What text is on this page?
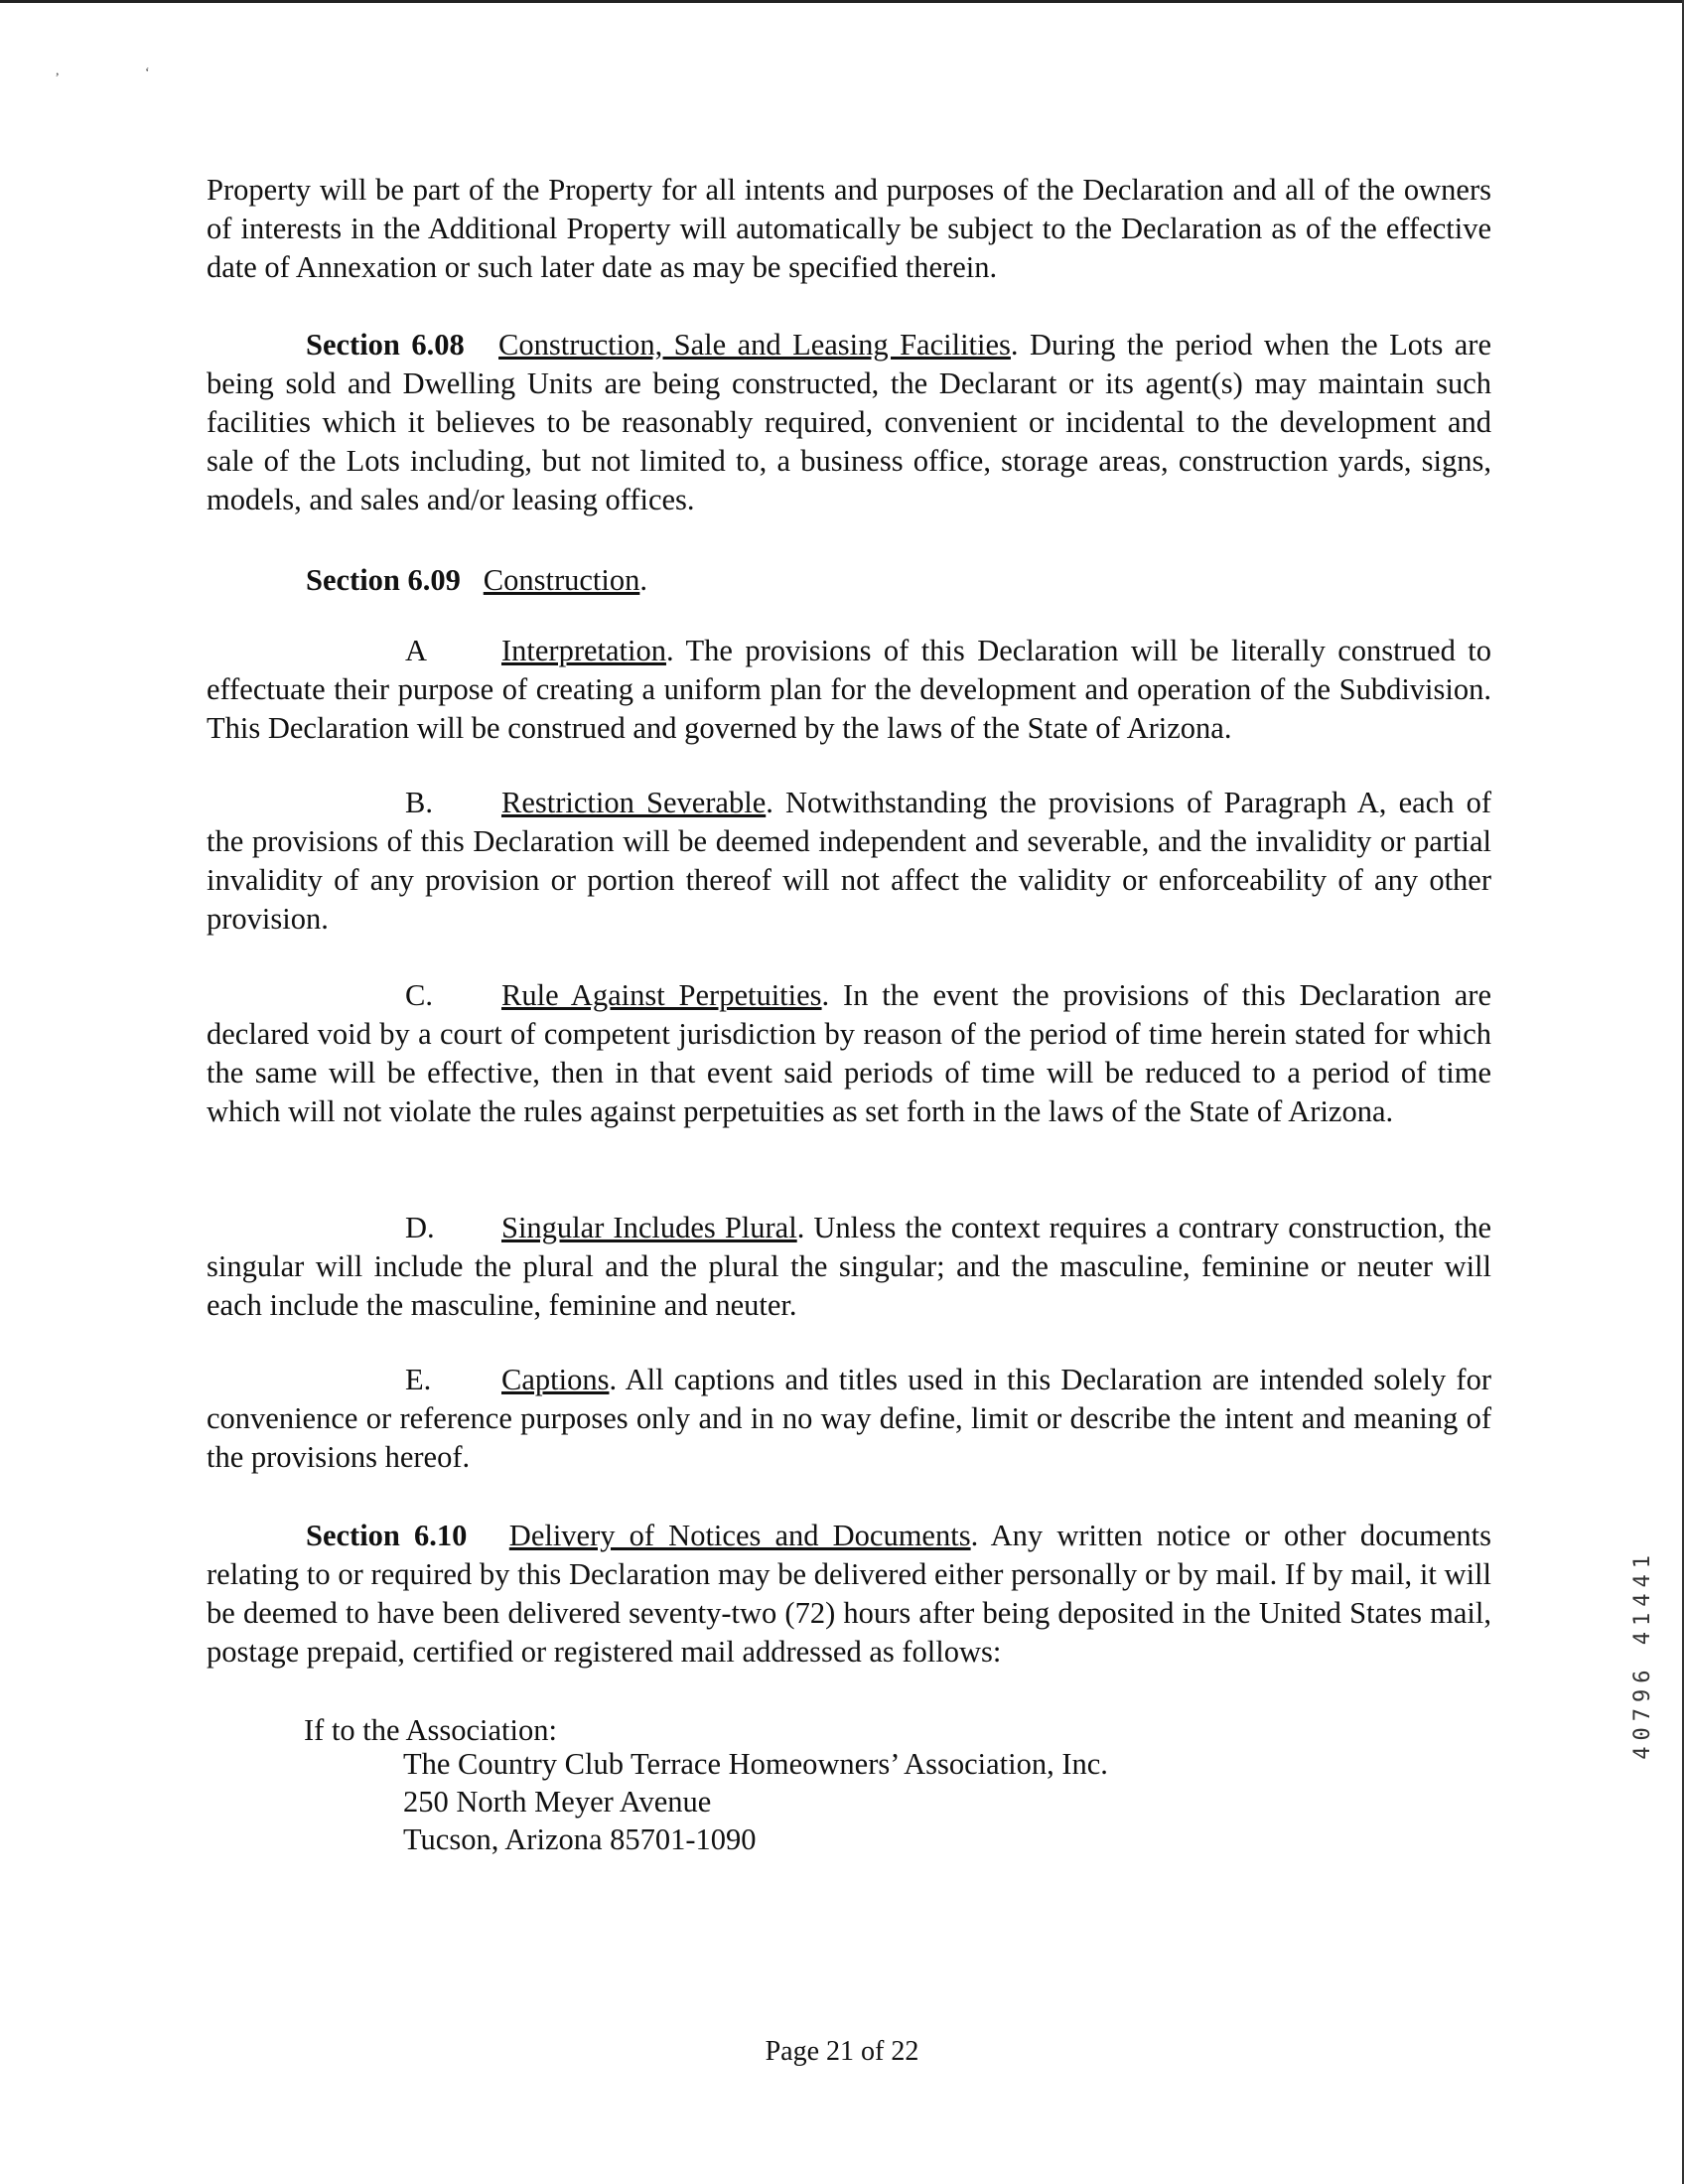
,	‘

Property will be part of the Property for all intents and purposes of the Declaration and all of the owners of interests in the Additional Property will automatically be subject to the Declaration as of the effective date of Annexation or such later date as may be specified therein.

Section 6.08 Construction, Sale and Leasing Facilities. During the period when the Lots are being sold and Dwelling Units are being constructed, the Declarant or its agent(s) may maintain such facilities which it believes to be reasonably required, convenient or incidental to the development and sale of the Lots including, but not limited to, a business office, storage areas, construction yards, signs, models, and sales and/or leasing offices.

Section 6.09 Construction.

A Interpretation. The provisions of this Declaration will be literally construed to effectuate their purpose of creating a uniform plan for the development and operation of the Subdivision. This Declaration will be construed and governed by the laws of the State of Arizona.

B. Restriction Severable. Notwithstanding the provisions of Paragraph A, each of the provisions of this Declaration will be deemed independent and severable, and the invalidity or partial invalidity of any provision or portion thereof will not affect the validity or enforceability of any other provision.

C. Rule Against Perpetuities. In the event the provisions of this Declaration are declared void by a court of competent jurisdiction by reason of the period of time herein stated for which the same will be effective, then in that event said periods of time will be reduced to a period of time which will not violate the rules against perpetuities as set forth in the laws of the State of Arizona.

D. Singular Includes Plural. Unless the context requires a contrary construction, the singular will include the plural and the plural the singular; and the masculine, feminine or neuter will each include the masculine, feminine and neuter.

E. Captions. All captions and titles used in this Declaration are intended solely for convenience or reference purposes only and in no way define, limit or describe the intent and meaning of the provisions hereof.

Section 6.10 Delivery of Notices and Documents. Any written notice or other documents relating to or required by this Declaration may be delivered either personally or by mail. If by mail, it will be deemed to have been delivered seventy-two (72) hours after being deposited in the United States mail, postage prepaid, certified or registered mail addressed as follows:

If to the Association:

The Country Club Terrace Homeowners’ Association, Inc.

250 North Meyer Avenue

Tucson, Arizona 85701-1090

Page 21 of 22
40796 41441
